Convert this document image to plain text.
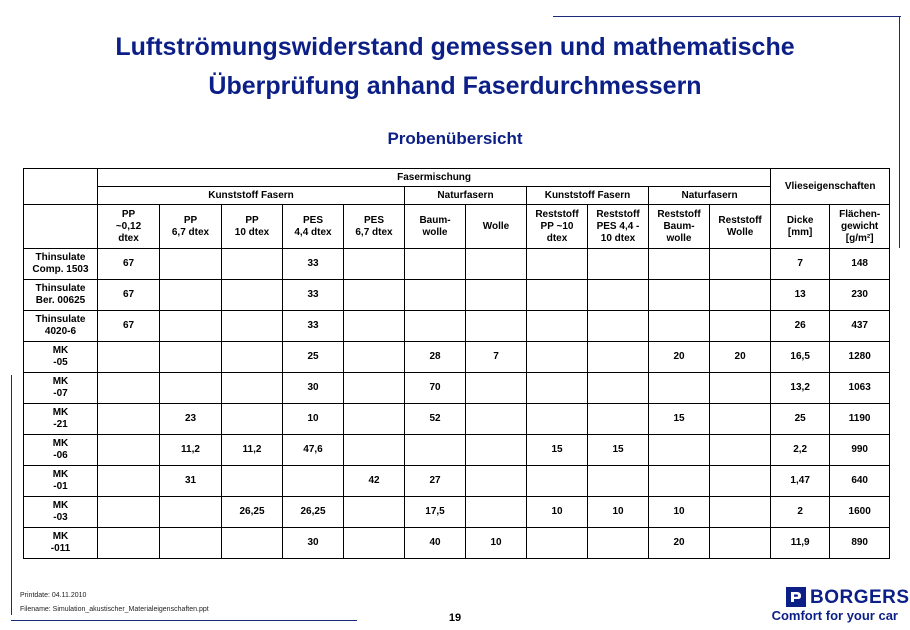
Luftströmungswiderstand gemessen und mathematische
Überprüfung anhand Faserdurchmessern
Probenübersicht
	Fasermischung											Vlieseigenschaften	
	Kunststoff Fasern					Naturfasern		Kunststoff Fasern		Naturfasern			
	PP
~0,12
dtex	PP
6,7 dtex	PP
10 dtex	PES
4,4 dtex	PES
6,7 dtex	Baum-
wolle	Wolle	Reststoff
PP ~10
dtex	Reststoff
PES 4,4 -
10 dtex	Reststoff
Baum-
wolle	Reststoff
Wolle	Dicke
[mm]	Flächen-
gewicht
[g/m²]
Thinsulate
Comp. 1503	67			33								7	148
Thinsulate
Ber. 00625	67			33								13	230
Thinsulate
4020-6	67			33								26	437
MK
-05				25		28	7			20	20	16,5	1280
MK
-07				30		70						13,2	1063
MK
-21		23		10		52				15		25	1190
MK
-06		11,2	11,2	47,6				15	15			2,2	990
MK
-01		31			42	27						1,47	640
MK
-03			26,25	26,25		17,5		10	10	10		2	1600
MK
-011				30		40	10			20		11,9	890
Printdate: 04.11.2010
Filename: Simulation_akustischer_Materialeigenschaften.ppt
19
BORGERS
Comfort for your car
